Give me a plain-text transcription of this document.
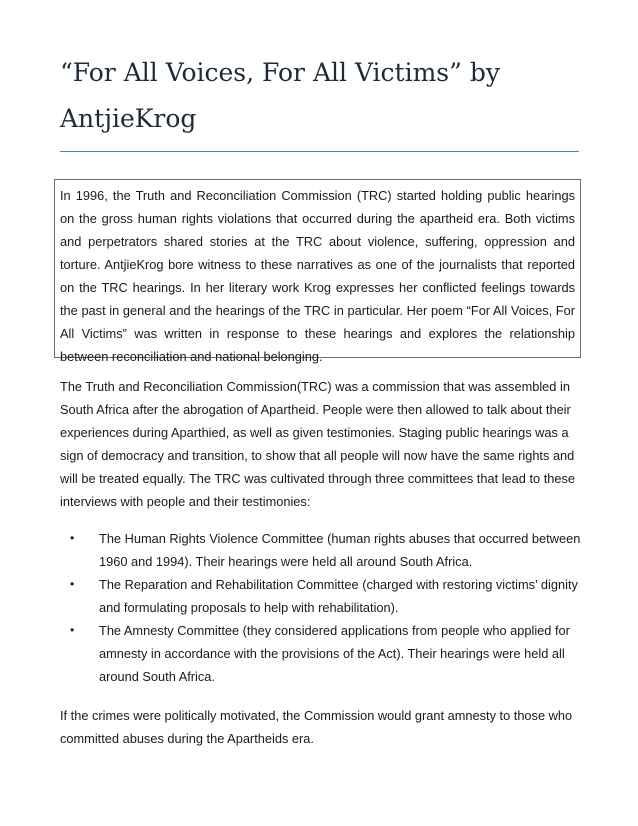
“For All Voices, For All Victims” by AntjieKrog

In 1996, the Truth and Reconciliation Commission (TRC) started holding public hearings on the gross human rights violations that occurred during the apartheid era. Both victims and perpetrators shared stories at the TRC about violence, suffering, oppression and torture. AntjieKrog bore witness to these narratives as one of the journalists that reported on the TRC hearings. In her literary work Krog expresses her conflicted feelings towards the past in general and the hearings of the TRC in particular. Her poem “For All Voices, For All Victims” was written in response to these hearings and explores the relationship between reconciliation and national belonging.

The Truth and Reconciliation Commission(TRC) was a commission that was assembled in South Africa after the abrogation of Apartheid. People were then allowed to talk about their experiences during Aparthied, as well as given testimonies. Staging public hearings was a sign of democracy and transition, to show that all people will now have the same rights and will be treated equally. The TRC was cultivated through three committees that lead to these interviews with people and their testimonies:

• The Human Rights Violence Committee (human rights abuses that occurred between 1960 and 1994). Their hearings were held all around South Africa.
• The Reparation and Rehabilitation Committee (charged with restoring victims’ dignity and formulating proposals to help with rehabilitation).
• The Amnesty Committee (they considered applications from people who applied for amnesty in accordance with the provisions of the Act). Their hearings were held all around South Africa.

If the crimes were politically motivated, the Commission would grant amnesty to those who committed abuses during the Apartheids era.
